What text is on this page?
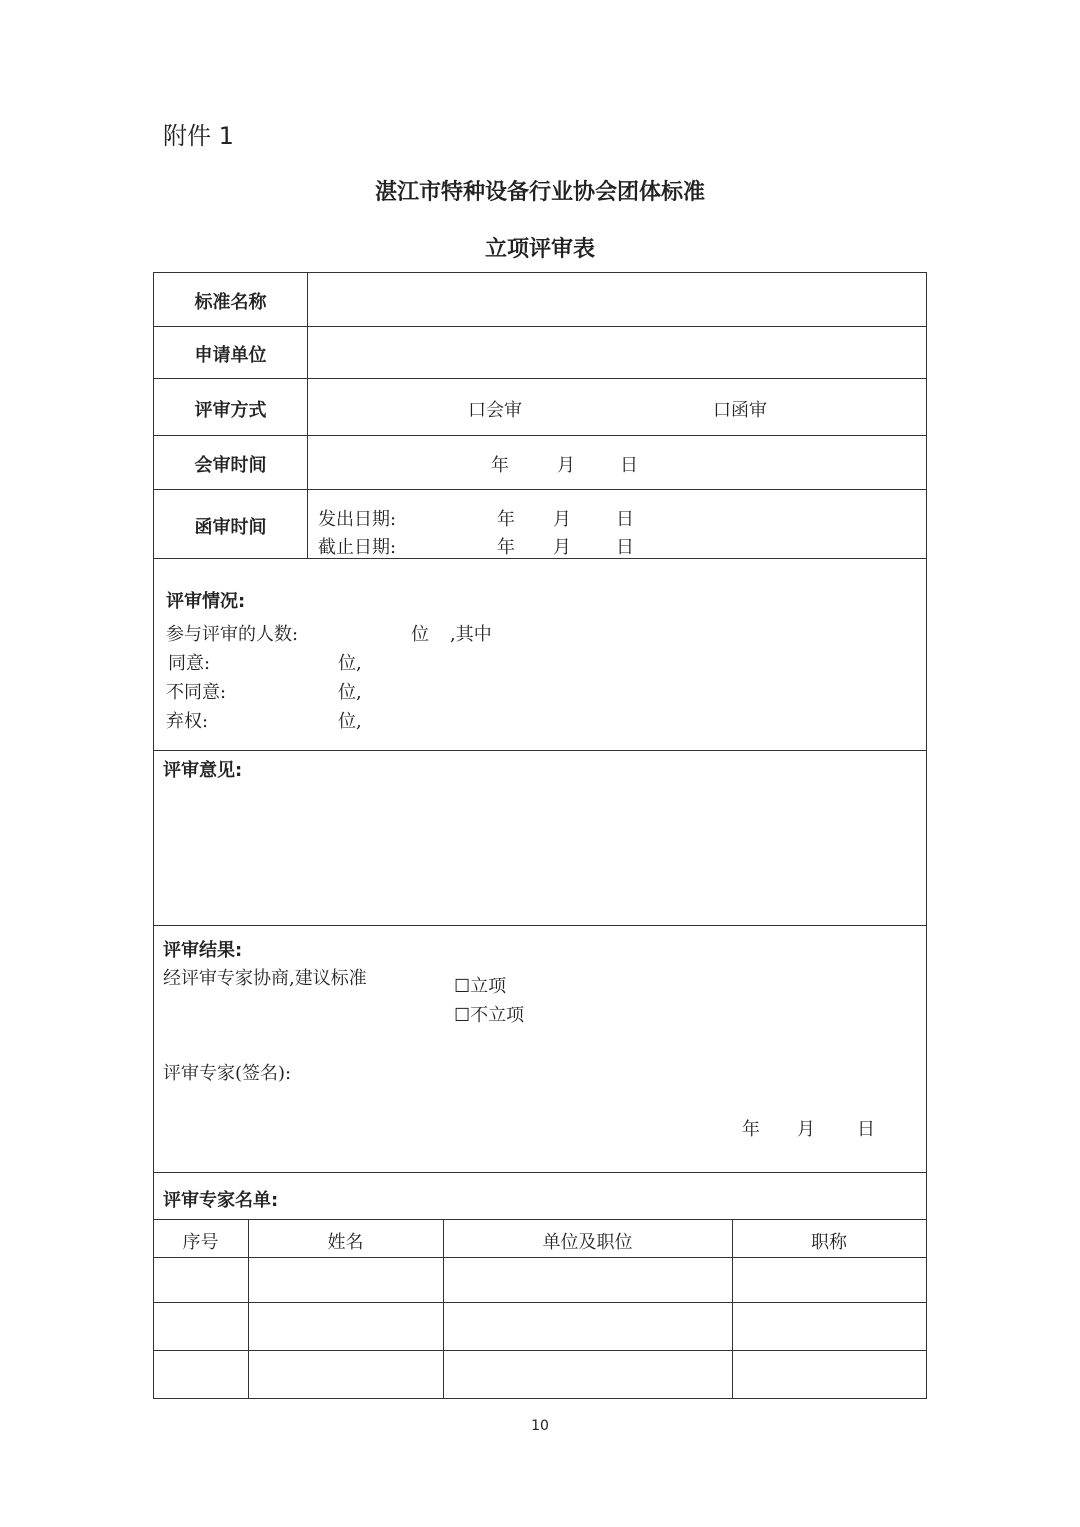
附件 1
湛江市特种设备行业协会团体标准
立项评审表
标准名称
申请单位
评审方式	口会审	口函审
会审时间	年	月	日
函审时间	发出日期:	年 月	日
截止日期:	年 月	日
评审情况:
参与评审的人数:	位 ,其中
同意:	位,
不同意:	位,
弃权:	位,
评审意见:
评审结果:
经评审专家协商,建议标准	☐立项
☐不立项
评审专家(签名):
年 月 日
评审专家名单:
序号	姓名	单位及职位	职称
10
